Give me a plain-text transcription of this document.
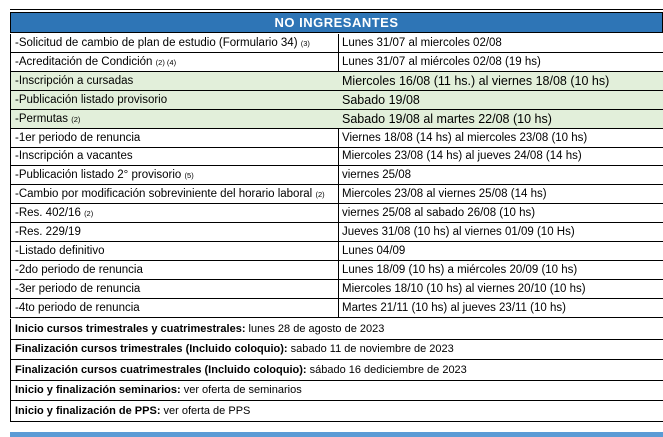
NO INGRESANTES
-Solicitud de cambio de plan de estudio (Formulario 34) (3)	Lunes 31/07 al miercoles 02/08
-Acreditación de Condición (2) (4)	Lunes 31/07 al miércoles 02/08 (19 hs)
-Inscripción a cursadas	Miercoles 16/08 (11 hs.) al viernes 18/08 (10 hs)
-Publicación listado provisorio	Sabado 19/08
-Permutas (2)	Sabado 19/08 al martes 22/08 (10 hs)
-1er periodo de renuncia	Viernes 18/08 (14 hs) al miercoles 23/08 (10 hs)
-Inscripción a vacantes	Miercoles 23/08 (14 hs) al jueves 24/08 (14 hs)
-Publicación listado 2° provisorio (5)	viernes 25/08
-Cambio por modificación sobreviniente del horario laboral (2)	Miercoles 23/08 al viernes 25/08 (14 hs)
-Res. 402/16 (2)	viernes 25/08 al sabado 26/08 (10 hs)
-Res. 229/19	Jueves 31/08 (10 hs) al viernes 01/09 (10 Hs)
-Listado definitivo	Lunes 04/09
-2do periodo de renuncia	Lunes 18/09 (10 hs) a miércoles 20/09 (10 hs)
-3er periodo de renuncia	Miercoles 18/10 (10 hs) al viernes 20/10 (10 hs)
-4to periodo de renuncia	Martes 21/11 (10 hs) al jueves 23/11 (10 hs)
Inicio cursos trimestrales y cuatrimestrales: lunes 28 de agosto de 2023
Finalización cursos trimestrales (Incluido coloquio): sabado 11 de noviembre de 2023
Finalización cursos cuatrimestrales (Incluido coloquio): sábado 16 dediciembre de 2023
Inicio y finalización seminarios: ver oferta de seminarios
Inicio y finalización de PPS: ver oferta de PPS
